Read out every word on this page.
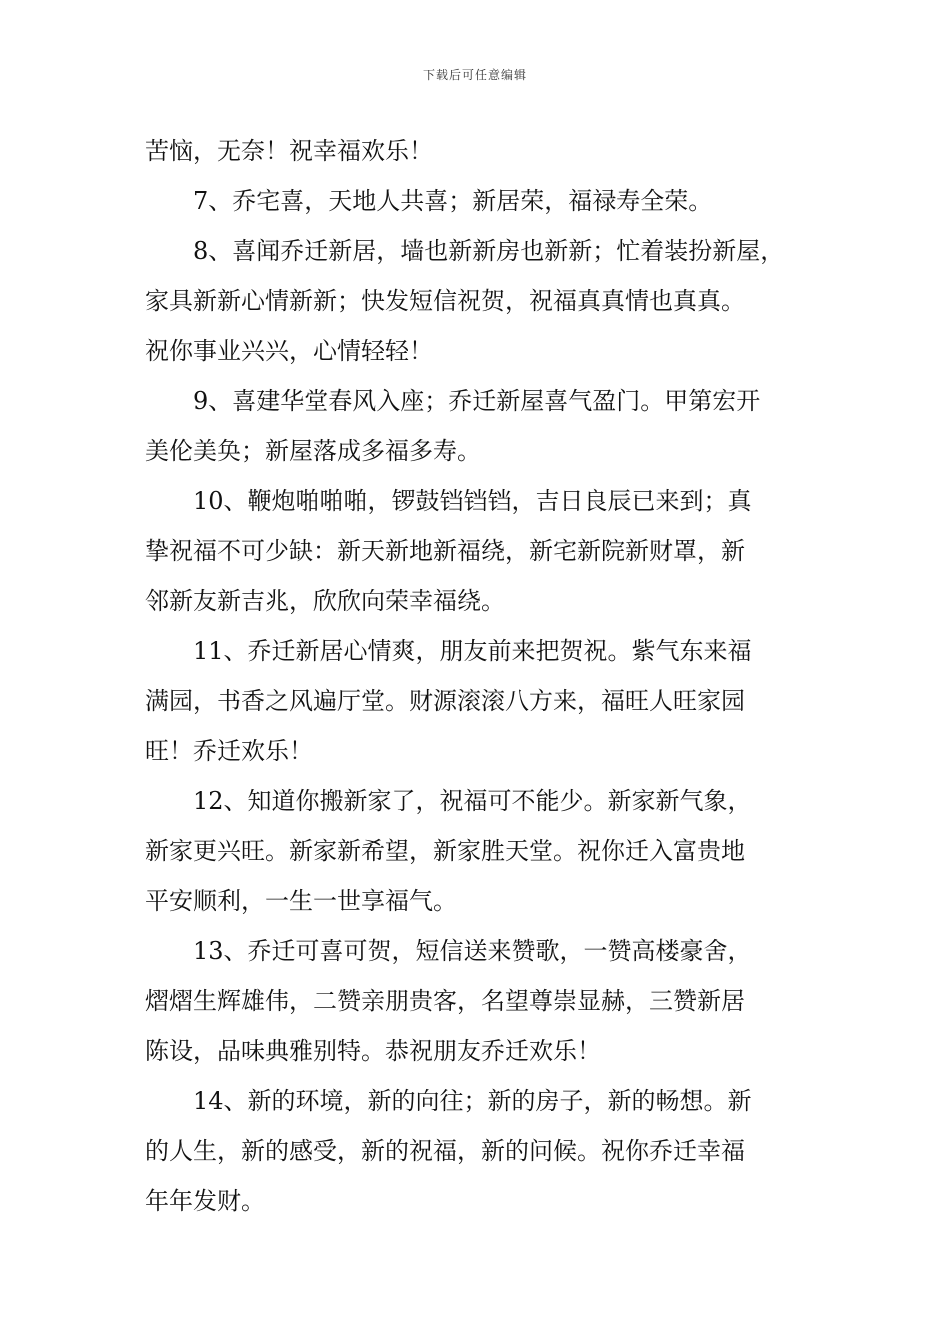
下载后可任意编辑
苦恼，无奈！祝幸福欢乐！
7、乔宅喜，天地人共喜；新居荣，福禄寿全荣。
8、喜闻乔迁新居，墙也新新房也新新；忙着装扮新屋，
家具新新心情新新；快发短信祝贺，祝福真真情也真真。
祝你事业兴兴，心情轻轻！
9、喜建华堂春风入座；乔迁新屋喜气盈门。甲第宏开
美伦美奂；新屋落成多福多寿。
10、鞭炮啪啪啪，锣鼓铛铛铛，吉日良辰已来到；真
挚祝福不可少缺：新天新地新福绕，新宅新院新财罩，新
邻新友新吉兆，欣欣向荣幸福绕。
11、乔迁新居心情爽，朋友前来把贺祝。紫气东来福
满园，书香之风遍厅堂。财源滚滚八方来，福旺人旺家园
旺！乔迁欢乐！
12、知道你搬新家了，祝福可不能少。新家新气象，
新家更兴旺。新家新希望，新家胜天堂。祝你迁入富贵地
平安顺利，一生一世享福气。
13、乔迁可喜可贺，短信送来赞歌，一赞高楼豪舍，
熠熠生辉雄伟，二赞亲朋贵客，名望尊崇显赫，三赞新居
陈设，品味典雅别特。恭祝朋友乔迁欢乐！
14、新的环境，新的向往；新的房子，新的畅想。新
的人生，新的感受，新的祝福，新的问候。祝你乔迁幸福
年年发财。
